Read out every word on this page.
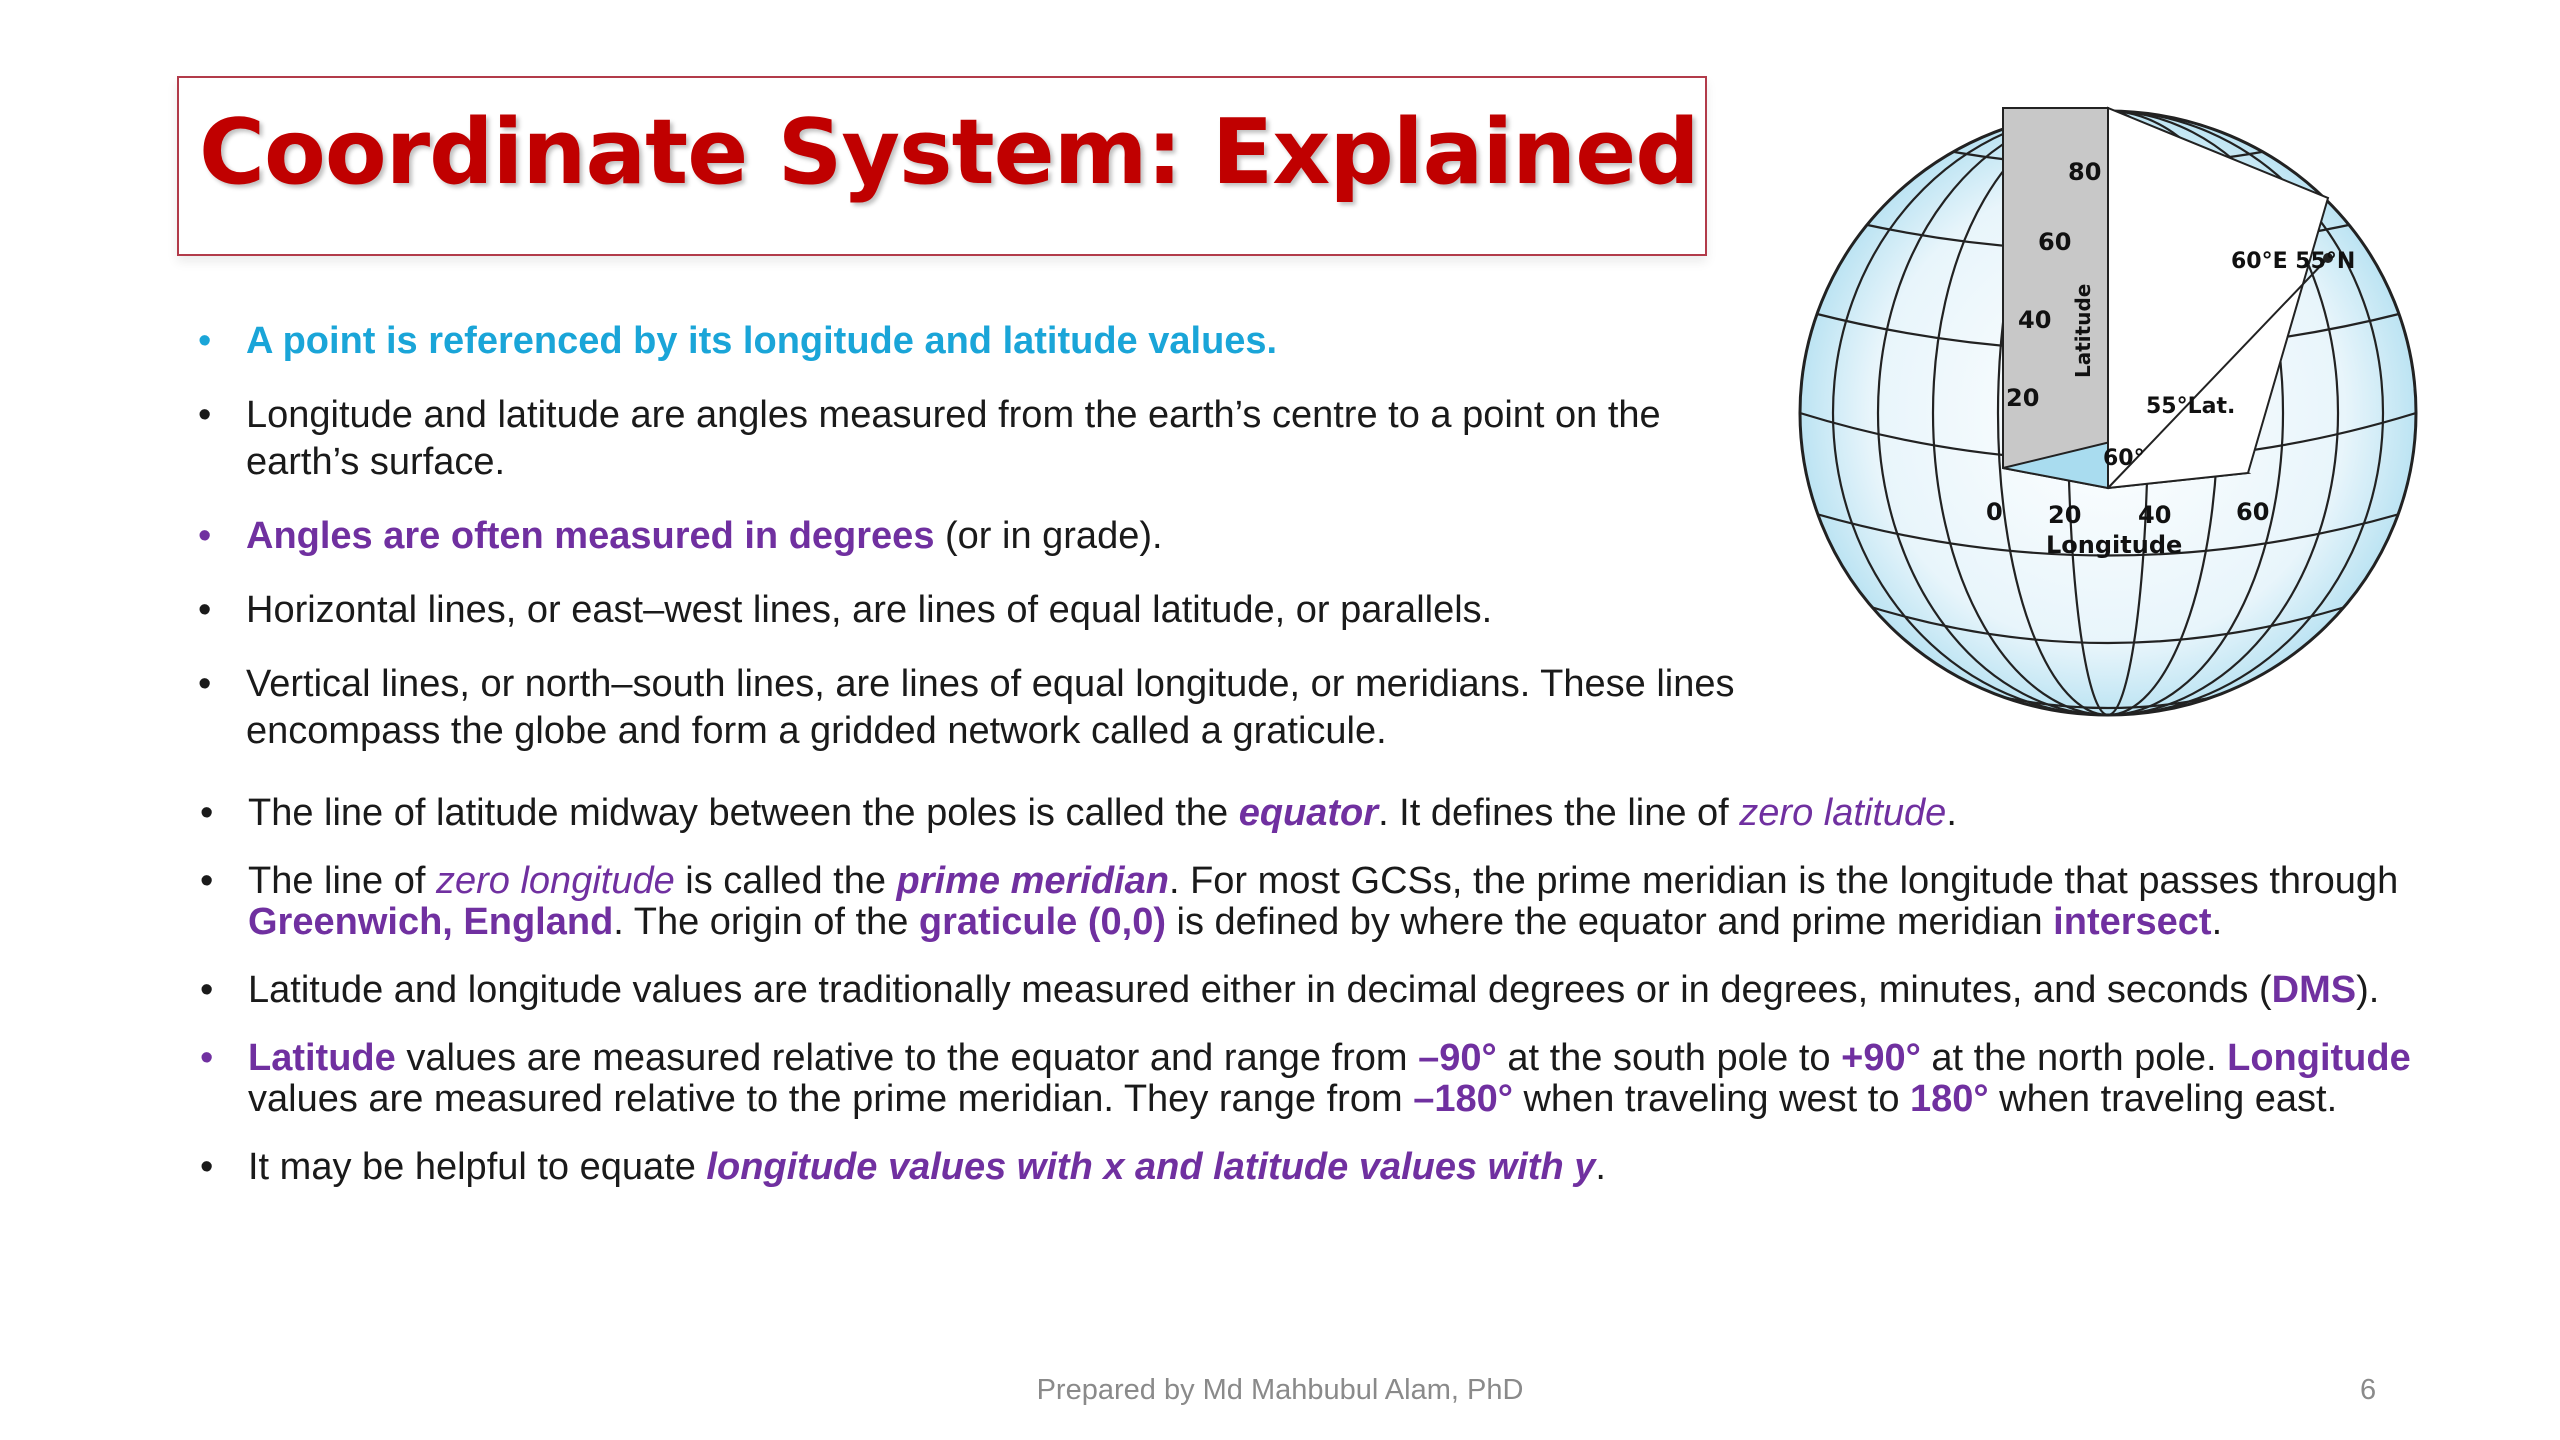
Coordinate System: Explained
• A point is referenced by its longitude and latitude values.
• Longitude and latitude are angles measured from the earth’s centre to a point on the earth’s surface.
• Angles are often measured in degrees (or in grade).
• Horizontal lines, or east–west lines, are lines of equal latitude, or parallels.
• Vertical lines, or north–south lines, are lines of equal longitude, or meridians. These lines encompass the globe and form a gridded network called a graticule.
80
60
40
20
Latitude
0 20 40	60
Longitude
60°E 55°N
55°Lat.
60°
• The line of latitude midway between the poles is called the equator. It defines the line of zero latitude.
• The line of zero longitude is called the prime meridian. For most GCSs, the prime meridian is the longitude that passes through Greenwich, England. The origin of the graticule (0,0) is defined by where the equator and prime meridian intersect.
• Latitude and longitude values are traditionally measured either in decimal degrees or in degrees, minutes, and seconds (DMS).
• Latitude values are measured relative to the equator and range from –90° at the south pole to +90° at the north pole. Longitude values are measured relative to the prime meridian. They range from –180° when traveling west to 180° when traveling east.
• It may be helpful to equate longitude values with x and latitude values with y.
Prepared by Md Mahbubul Alam, PhD	6
